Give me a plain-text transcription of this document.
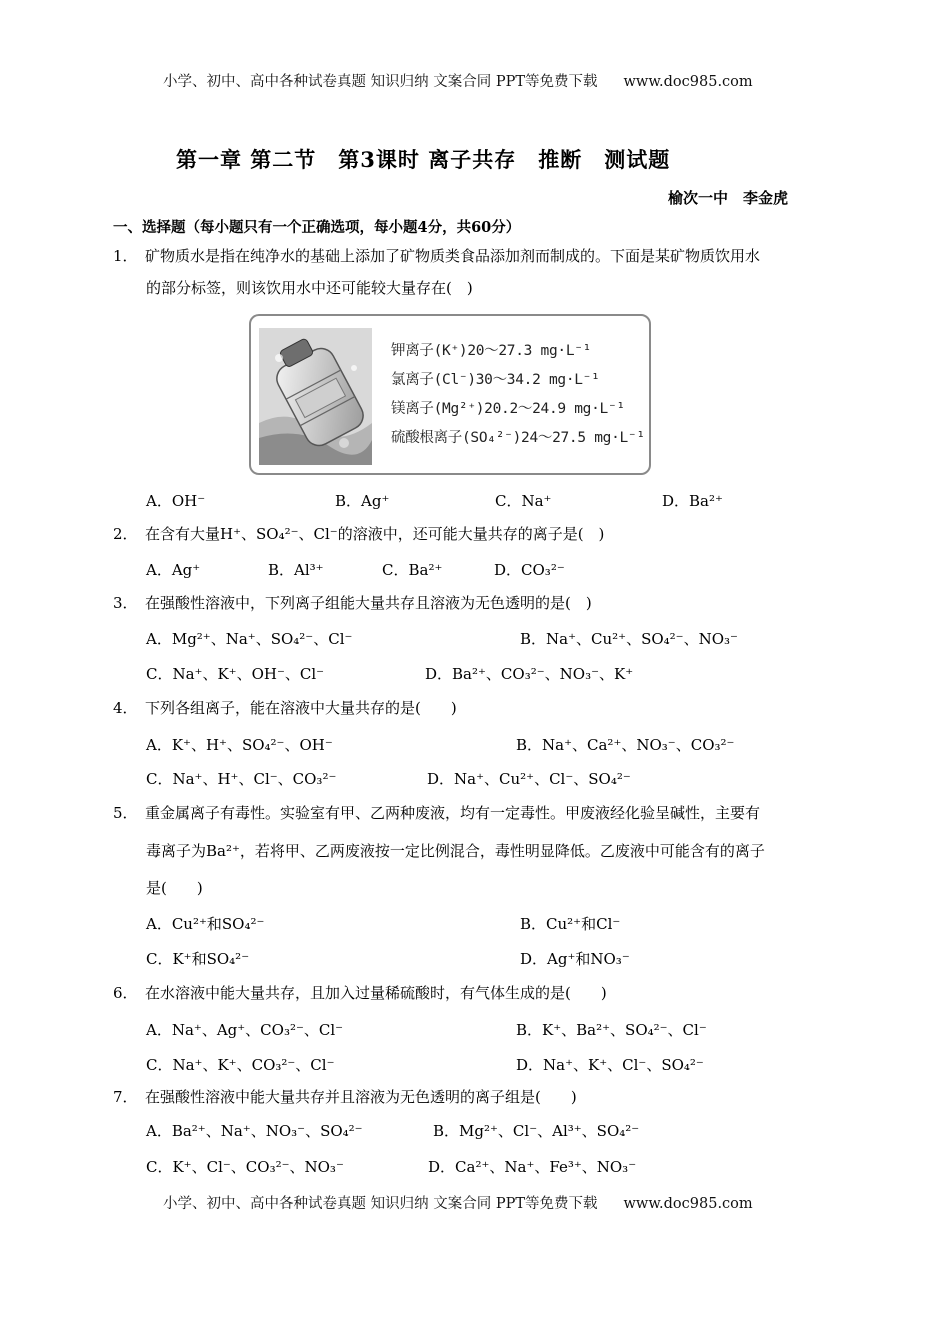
小学、初中、高中各种试卷真题 知识归纳 文案合同 PPT等免费下载 www.doc985.com
第一章 第二节　第3课时 离子共存　推断　测试题
榆次一中　李金虎
一、选择题（每小题只有一个正确选项，每小题4分，共60分）
1． 矿物质水是指在纯净水的基础上添加了矿物质类食品添加剂而制成的。下面是某矿物质饮用水
的部分标签，则该饮用水中还可能较大量存在(　)
钾离子(K⁺)20～27.3 mg·L⁻¹
氯离子(Cl⁻)30～34.2 mg·L⁻¹
镁离子(Mg²⁺)20.2～24.9 mg·L⁻¹
硫酸根离子(SO₄²⁻)24～27.5 mg·L⁻¹
A．OH⁻	B．Ag⁺	C．Na⁺	D．Ba²⁺
2． 在含有大量H⁺、SO₄²⁻、Cl⁻的溶液中，还可能大量共存的离子是(　)
A．Ag⁺	B．Al³⁺	C．Ba²⁺	D．CO₃²⁻
3． 在强酸性溶液中，下列离子组能大量共存且溶液为无色透明的是(　)
A．Mg²⁺、Na⁺、SO₄²⁻、Cl⁻	B．Na⁺、Cu²⁺、SO₄²⁻、NO₃⁻
C．Na⁺、K⁺、OH⁻、Cl⁻	D．Ba²⁺、CO₃²⁻、NO₃⁻、K⁺
4． 下列各组离子，能在溶液中大量共存的是(　　)
A．K⁺、H⁺、SO₄²⁻、OH⁻	B．Na⁺、Ca²⁺、NO₃⁻、CO₃²⁻
C．Na⁺、H⁺、Cl⁻、CO₃²⁻	D．Na⁺、Cu²⁺、Cl⁻、SO₄²⁻
5． 重金属离子有毒性。实验室有甲、乙两种废液，均有一定毒性。甲废液经化验呈碱性，主要有
毒离子为Ba²⁺，若将甲、乙两废液按一定比例混合，毒性明显降低。乙废液中可能含有的离子
是(　　)
A．Cu²⁺和SO₄²⁻	B．Cu²⁺和Cl⁻
C．K⁺和SO₄²⁻	D．Ag⁺和NO₃⁻
6． 在水溶液中能大量共存，且加入过量稀硫酸时，有气体生成的是(　　)
A．Na⁺、Ag⁺、CO₃²⁻、Cl⁻	B．K⁺、Ba²⁺、SO₄²⁻、Cl⁻
C．Na⁺、K⁺、CO₃²⁻、Cl⁻	D．Na⁺、K⁺、Cl⁻、SO₄²⁻
7． 在强酸性溶液中能大量共存并且溶液为无色透明的离子组是(　　)
A．Ba²⁺、Na⁺、NO₃⁻、SO₄²⁻	B．Mg²⁺、Cl⁻、Al³⁺、SO₄²⁻
C．K⁺、Cl⁻、CO₃²⁻、NO₃⁻	D．Ca²⁺、Na⁺、Fe³⁺、NO₃⁻
小学、初中、高中各种试卷真题 知识归纳 文案合同 PPT等免费下载 www.doc985.com
